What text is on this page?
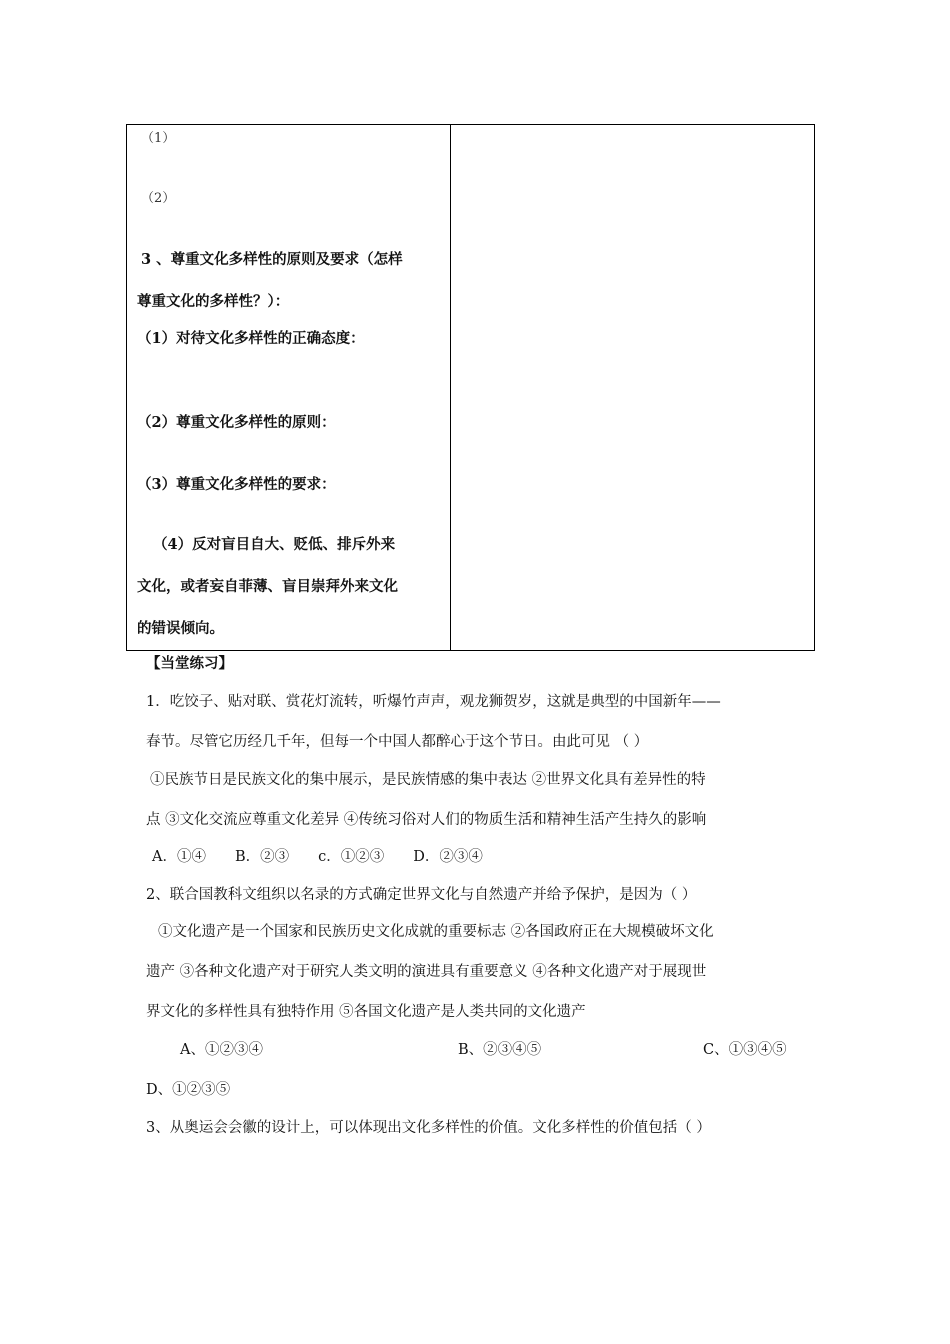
（1）
（2）
3 、尊重文化多样性的原则及要求（怎样
尊重文化的多样性？）：
（1）对待文化多样性的正确态度：
（2）尊重文化多样性的原则：
（3）尊重文化多样性的要求：
（4）反对盲目自大、贬低、排斥外来
文化，或者妄自菲薄、盲目崇拜外来文化
的错误倾向。
【当堂练习】
1．吃饺子、贴对联、赏花灯流转，听爆竹声声，观龙狮贺岁，这就是典型的中国新年——
春节。尽管它历经几千年，但每一个中国人都醉心于这个节日。由此可见 （ ）
①民族节日是民族文化的集中展示，是民族情感的集中表达 ②世界文化具有差异性的特
点 ③文化交流应尊重文化差异 ④传统习俗对人们的物质生活和精神生活产生持久的影响
A．①④　　B．②③　　c．①②③　　D．②③④
2、联合国教科文组织以名录的方式确定世界文化与自然遗产并给予保护，是因为（ ）
①文化遗产是一个国家和民族历史文化成就的重要标志 ②各国政府正在大规模破坏文化
遗产 ③各种文化遗产对于研究人类文明的演进具有重要意义 ④各种文化遗产对于展现世
界文化的多样性具有独特作用 ⑤各国文化遗产是人类共同的文化遗产
A、①②③④	B、②③④⑤	C、①③④⑤
D、①②③⑤
3、从奥运会会徽的设计上，可以体现出文化多样性的价值。文化多样性的价值包括（ ）
